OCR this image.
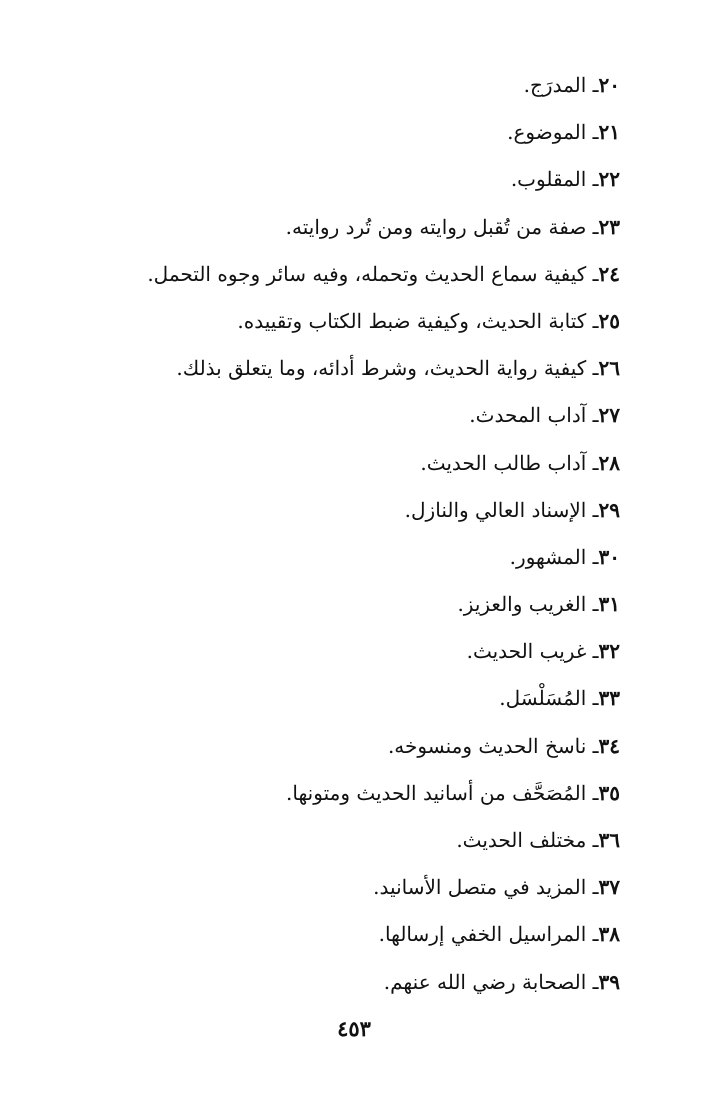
٢٠ـ المدرَج.
٢١ـ الموضوع.
٢٢ـ المقلوب.
٢٣ـ صفة من تُقبل روايته ومن تُرد روايته.
٢٤ـ كيفية سماع الحديث وتحمله، وفيه سائر وجوه التحمل.
٢٥ـ كتابة الحديث، وكيفية ضبط الكتاب وتقييده.
٢٦ـ كيفية رواية الحديث، وشرط أدائه، وما يتعلق بذلك.
٢٧ـ آداب المحدث.
٢٨ـ آداب طالب الحديث.
٢٩ـ الإسناد العالي والنازل.
٣٠ـ المشهور.
٣١ـ الغريب والعزيز.
٣٢ـ غريب الحديث.
٣٣ـ المُسَلْسَل.
٣٤ـ ناسخ الحديث ومنسوخه.
٣٥ـ المُصَحَّف من أسانيد الحديث ومتونها.
٣٦ـ مختلف الحديث.
٣٧ـ المزيد في متصل الأسانيد.
٣٨ـ المراسيل الخفي إرسالها.
٣٩ـ الصحابة رضي الله عنهم.
٤٥٣
